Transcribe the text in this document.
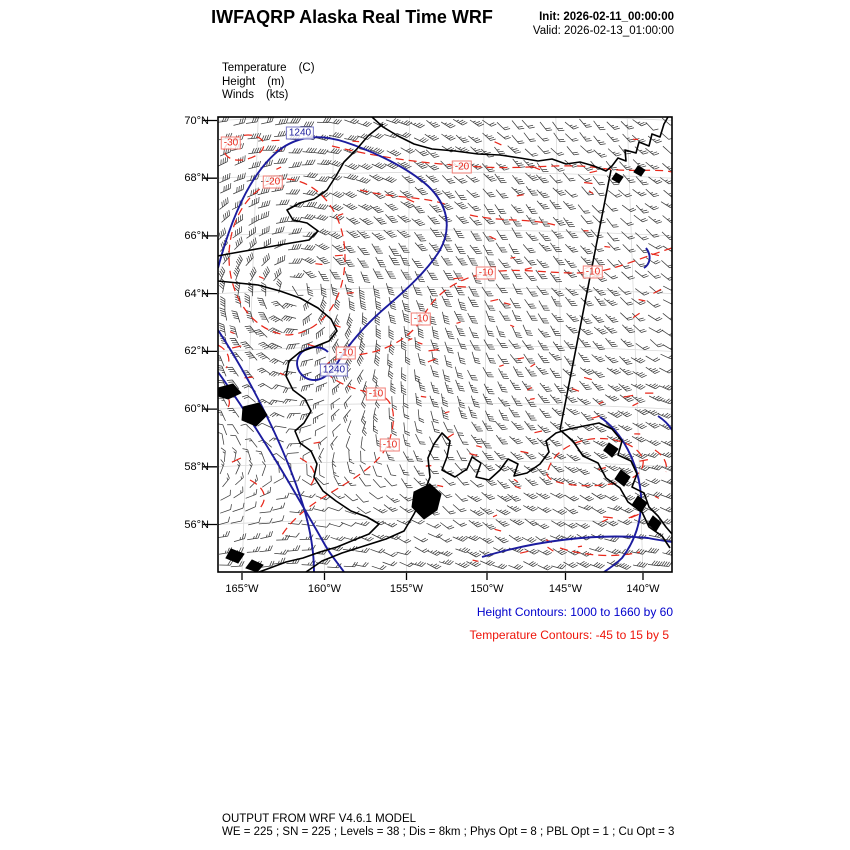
IWFAQRP Alaska Real Time WRF	Init: 2026-02-11_00:00:00
Valid: 2026-02-13_01:00:00
Temperature (C)
Height (m)
Winds (kts)
70°N
68°N
66°N
64°N
62°N
60°N
58°N
56°N
165°W	160°W	155°W	150°W	145°W	140°W
-30
1240
-20
-20
-10	-10
-10
-10
1240
-10
-10
Height Contours: 1000 to 1660 by 60
Temperature Contours: -45 to 15 by 5
OUTPUT FROM WRF V4.6.1 MODEL
WE = 225 ; SN = 225 ; Levels = 38 ; Dis = 8km ; Phys Opt = 8 ; PBL Opt = 1 ; Cu Opt = 3
